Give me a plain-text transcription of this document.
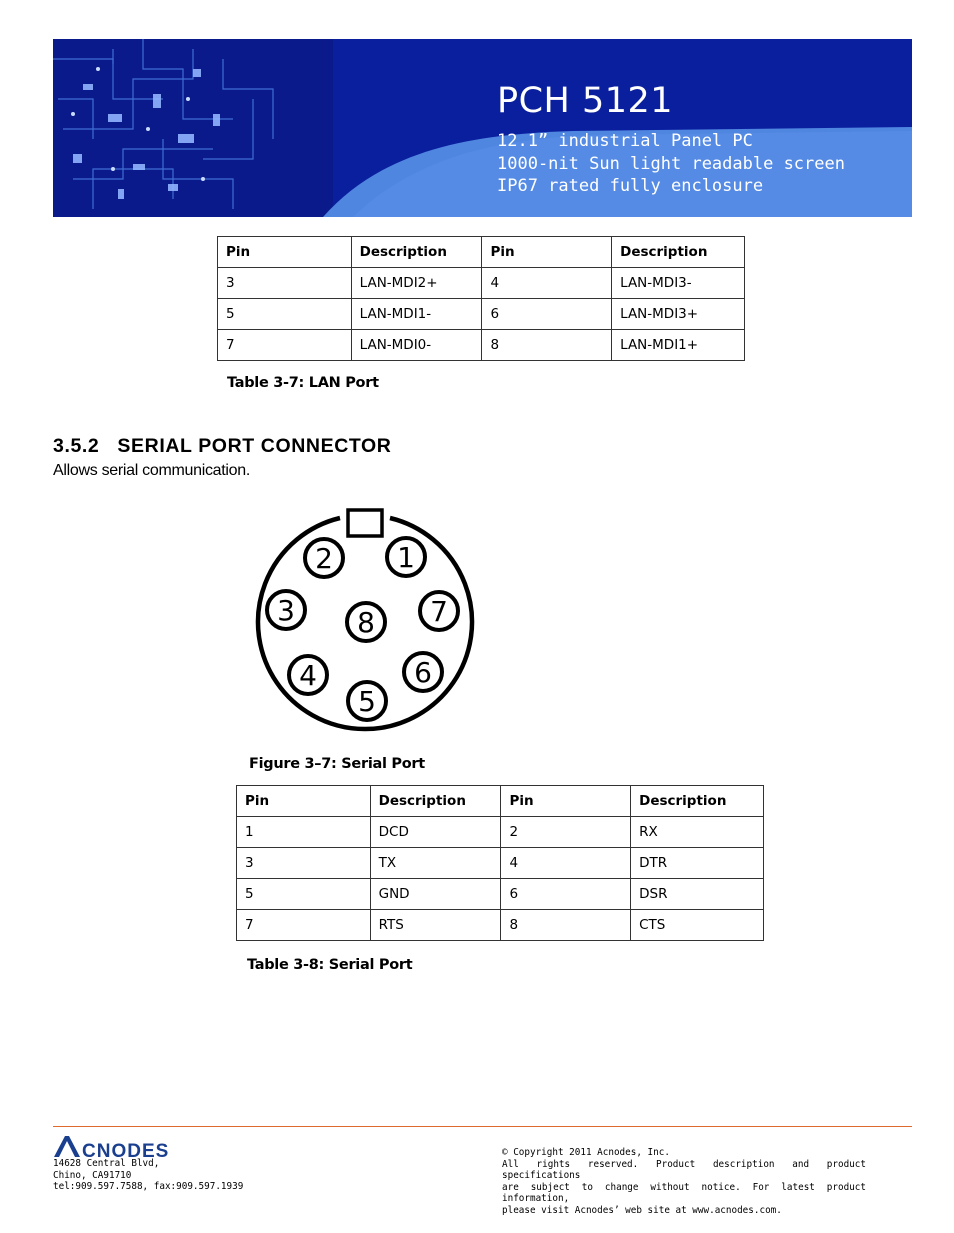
PCH 5121
12.1” industrial Panel PC
1000-nit Sun light readable screen
IP67 rated fully enclosure
Pin	Description	Pin	Description
3	LAN-MDI2+	4	LAN-MDI3-
5	LAN-MDI1-	6	LAN-MDI3+
7	LAN-MDI0-	8	LAN-MDI1+
Table 3-7: LAN Port
3.5.2   SERIAL PORT CONNECTOR
Allows serial communication.
1
2
3
4
5
6
7
8
Figure 3–7: Serial Port
Pin	Description	Pin	Description
1	DCD	2	RX
3	TX	4	DTR
5	GND	6	DSR
7	RTS	8	CTS
Table 3-8: Serial Port
CNODES
14628 Central Blvd,
Chino, CA91710
tel:909.597.7588, fax:909.597.1939
© Copyright 2011 Acnodes, Inc.
All rights reserved. Product description and product specifications
are subject to change without notice. For latest product information,
please visit Acnodes’ web site at www.acnodes.com.
